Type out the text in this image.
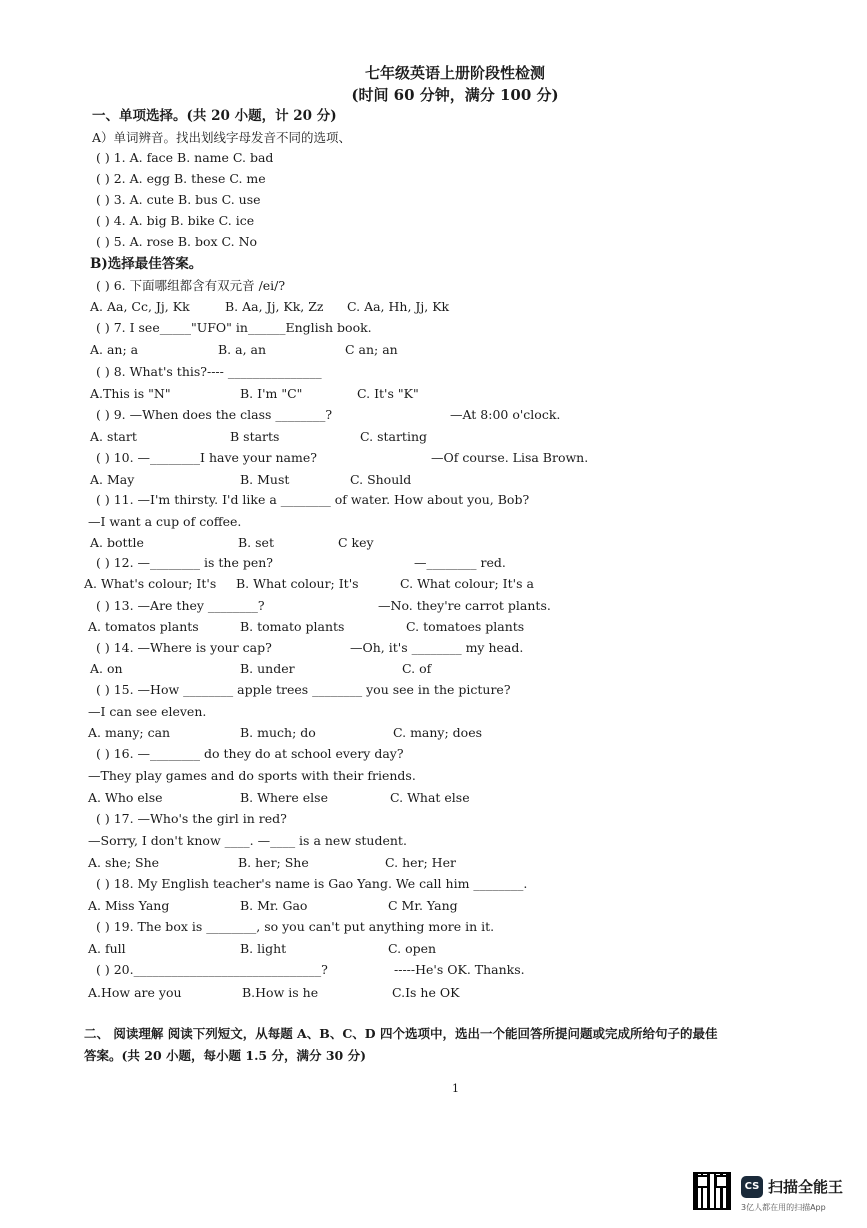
七年级英语上册阶段性检测
(时间 60 分钟，满分 100 分)
一、单项选择。(共 20 小题，计 20 分)
A）单词辨音。找出划线字母发音不同的选项、
( ) 1. A. face B. name C. bad
( ) 2. A. egg B. these C. me
( ) 3. A. cute B. bus C. use
( ) 4. A. big B. bike C. ice
( ) 5. A. rose B. box C. No
B)选择最佳答案。
( ) 6. 下面哪组都含有双元音 /ei/?
A. Aa, Cc, Jj, Kk	B. Aa, Jj, Kk, Zz C. Aa, Hh, Jj, Kk
( ) 7. I see_____"UFO" in______English book.
A. an; a	B. a, an	C an; an
( ) 8. What's this?---- _______________
A.This is "N"	B. I'm "C"	C. It's "K"
( ) 9. —When does the class ________?	—At 8:00 o'clock.
A. start	B starts	C. starting
( ) 10. —________I have your name?	—Of course. Lisa Brown.
A. May	B. Must	C. Should
( ) 11. —I'm thirsty. I'd like a ________ of water. How about you, Bob?
—I want a cup of coffee.
A. bottle	B. set	C key
( ) 12. —________ is the pen?	—________ red.
A. What's colour; It's B. What colour; It's	C. What colour; It's a
( ) 13. —Are they ________?	—No. they're carrot plants.
A. tomatos plants	B. tomato plants	C. tomatoes plants
( ) 14. —Where is your cap?	—Oh, it's ________ my head.
A. on	B. under	C. of
( ) 15. —How ________ apple trees ________ you see in the picture?
—I can see eleven.
A. many; can	B. much; do	C. many; does
( ) 16. —________ do they do at school every day?
—They play games and do sports with their friends.
A. Who else	B. Where else	C. What else
( ) 17. —Who's the girl in red?
—Sorry, I don't know ____. —____ is a new student.
A. she; She	B. her; She	C. her; Her
( ) 18. My English teacher's name is Gao Yang. We call him ________.
A. Miss Yang	B. Mr. Gao	C Mr. Yang
( ) 19. The box is ________, so you can't put anything more in it.
A. full	B. light	C. open
( ) 20.______________________________?	-----He's OK. Thanks.
A.How are you	B.How is he	C.Is he OK
二、 阅读理解 阅读下列短文，从每题 A、B、C、D 四个选项中，选出一个能回答所提问题或完成所给句子的最佳
答案。(共 20 小题，每小题 1.5 分，满分 30 分)
1
CS 扫描全能王
3亿人都在用的扫描App
